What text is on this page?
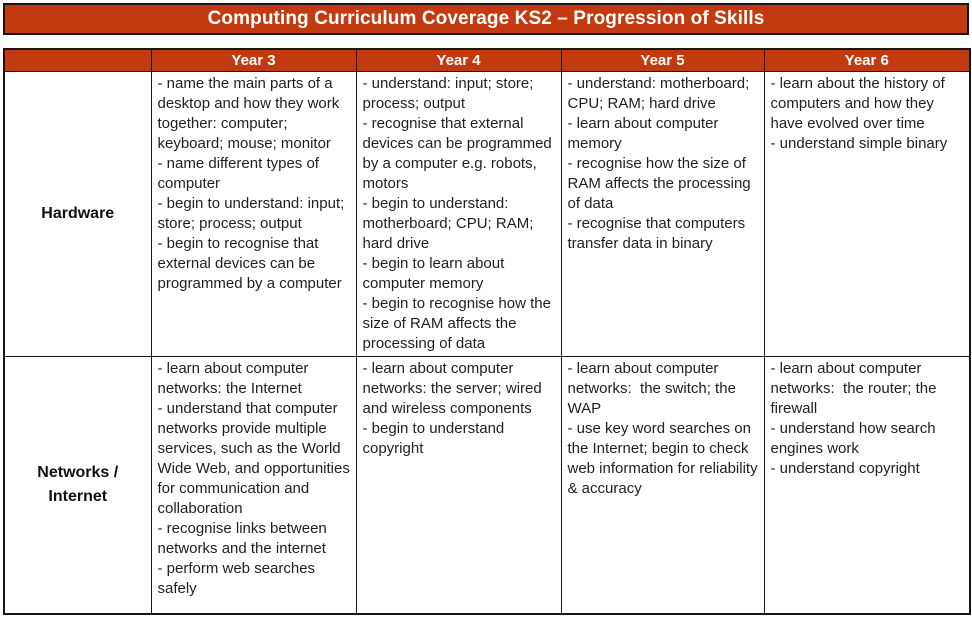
Computing Curriculum Coverage KS2 – Progression of Skills
	Year 3	Year 4	Year 5	Year 6
Hardware	
- name the main parts of a desktop and how they work together: computer; keyboard; mouse; monitor
- name different types of computer
- begin to understand: input; store; process; output
- begin to recognise that external devices can be programmed by a computer

- understand: input; store; process; output
- recognise that external devices can be programmed by a computer e.g. robots, motors
- begin to understand: motherboard; CPU; RAM; hard drive
- begin to learn about computer memory
- begin to recognise how the size of RAM affects the processing of data

- understand: motherboard; CPU; RAM; hard drive
- learn about computer memory
- recognise how the size of RAM affects the processing of data
- recognise that computers transfer data in binary

- learn about the history of computers and how they have evolved over time
- understand simple binary

Networks / Internet	
- learn about computer networks: the Internet
- understand that computer networks provide multiple services, such as the World Wide Web, and opportunities for communication and collaboration
- recognise links between networks and the internet
- perform web searches safely

- learn about computer networks: the server; wired and wireless components
- begin to understand copyright

- learn about computer networks:  the switch; the WAP
- use key word searches on the Internet; begin to check web information for reliability & accuracy

- learn about computer networks:  the router; the firewall
- understand how search engines work
- understand copyright
